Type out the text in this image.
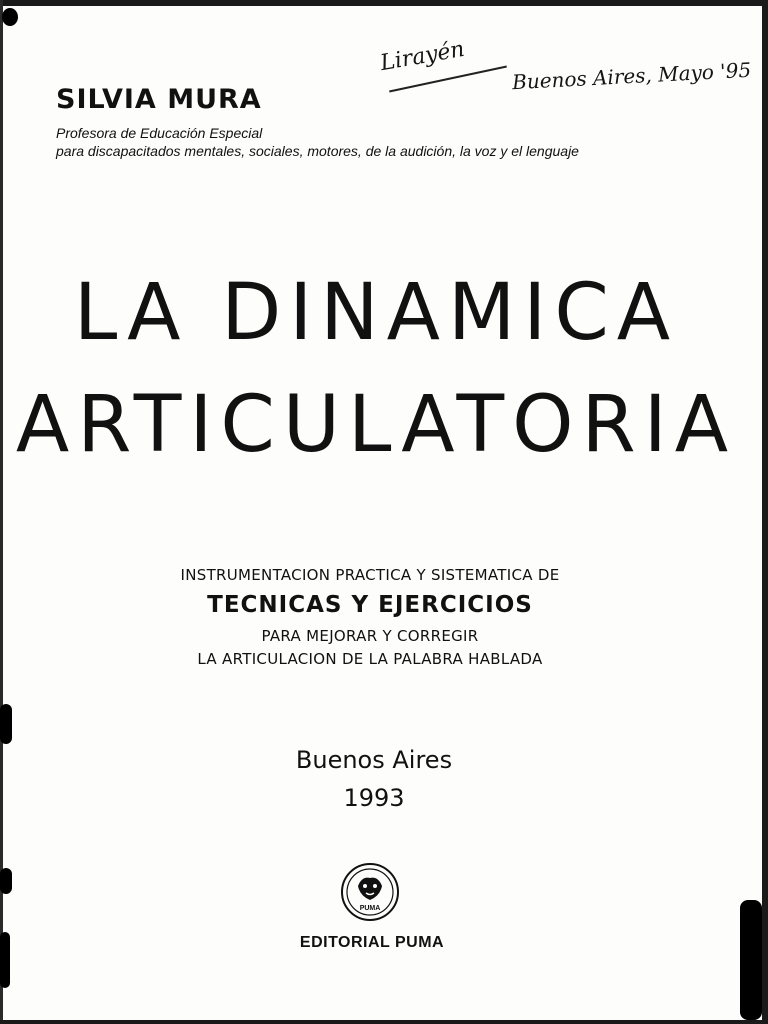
Lirayén Buenos Aires, Mayo '95
SILVIA MURA
Profesora de Educación Especial
para discapacitados mentales, sociales, motores, de la audición, la voz y el lenguaje
LA DINAMICA
ARTICULATORIA
INSTRUMENTACION PRACTICA Y SISTEMATICA DE
TECNICAS Y EJERCICIOS
PARA MEJORAR Y CORREGIR
LA ARTICULACION DE LA PALABRA HABLADA
Buenos Aires
1993
PUMA
EDITORIAL PUMA
